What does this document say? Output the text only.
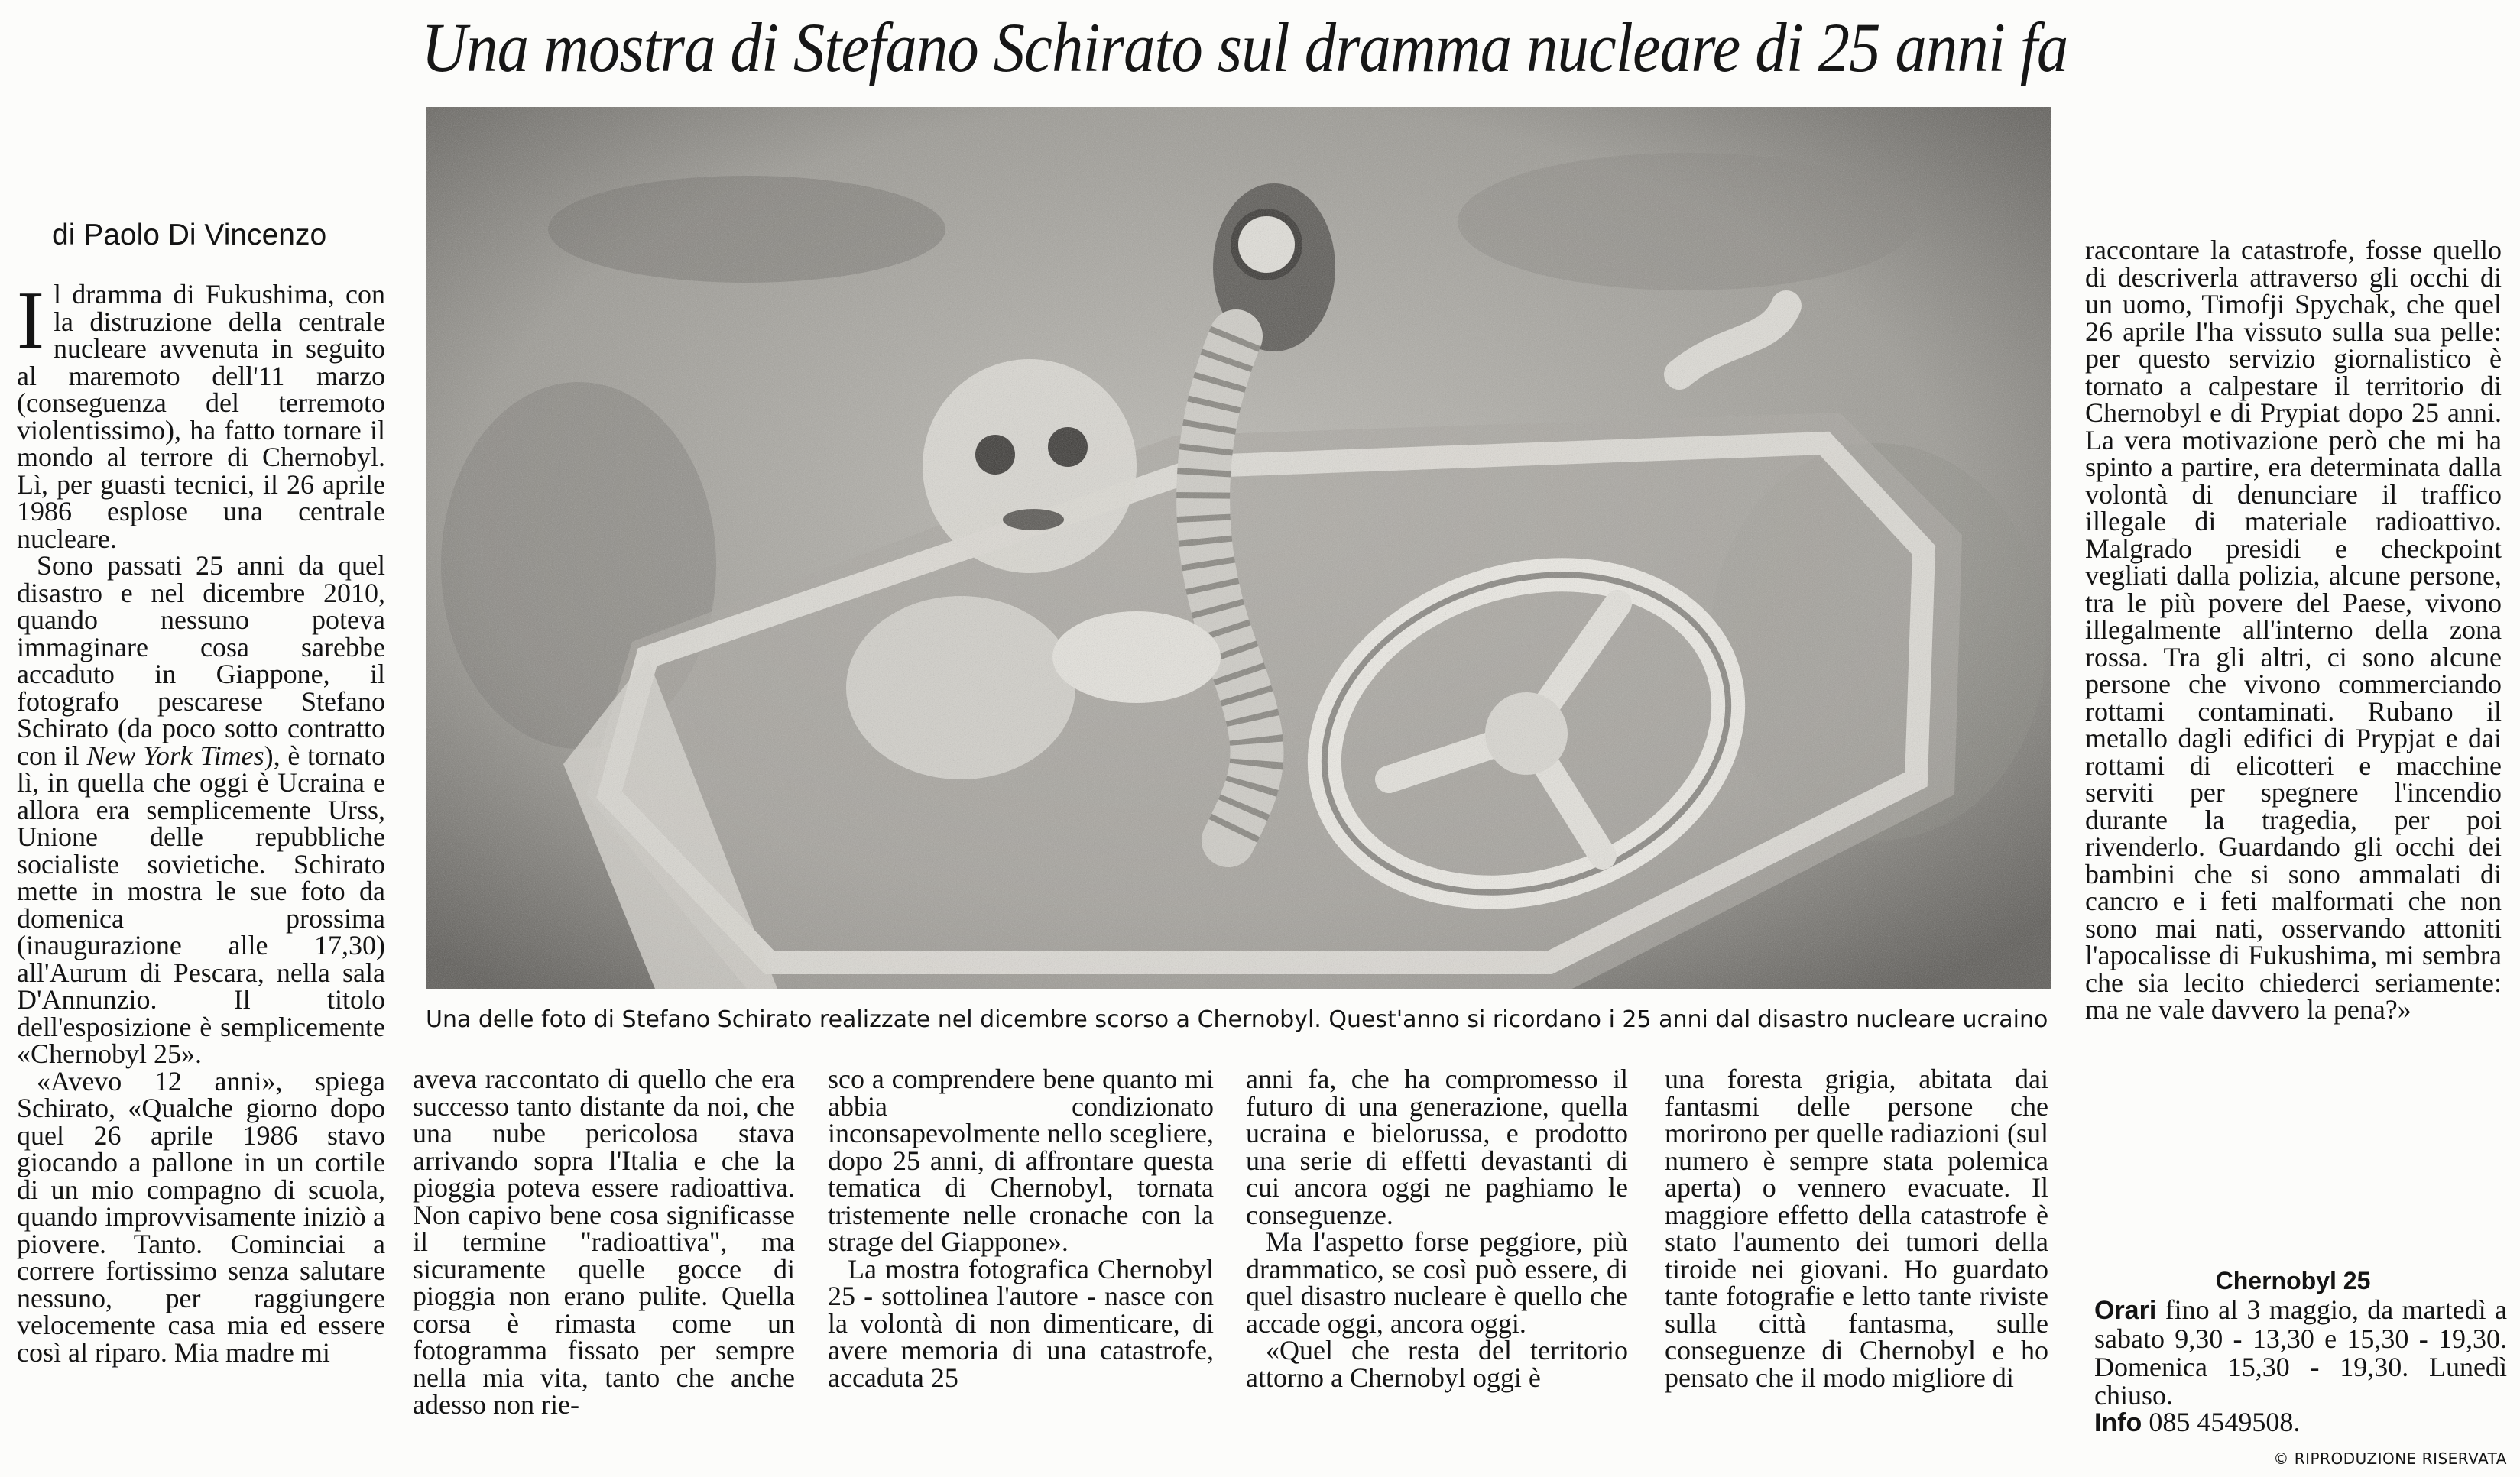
Una mostra di Stefano Schirato sul dramma nucleare di 25 anni fa

Una delle foto di Stefano Schirato realizzate nel dicembre scorso a Chernobyl. Quest'anno si ricordano i 25 anni dal disastro nucleare ucraino

di Paolo Di Vincenzo

Il dramma di Fukushima, con la distruzione della centrale nucleare avvenuta in seguito al maremoto dell'11 marzo (conseguenza del terremoto violentissimo), ha fatto tornare il mondo al terrore di Chernobyl. Lì, per guasti tecnici, il 26 aprile 1986 esplose una centrale nucleare.

Sono passati 25 anni da quel disastro e nel dicembre 2010, quando nessuno poteva immaginare cosa sarebbe accaduto in Giappone, il fotografo pescarese Stefano Schirato (da poco sotto contratto con il New York Times), è tornato lì, in quella che oggi è Ucraina e allora era semplicemente Urss, Unione delle repubbliche socialiste sovietiche. Schirato mette in mostra le sue foto da domenica prossima (inaugurazione alle 17,30) all'Aurum di Pescara, nella sala D'Annunzio. Il titolo dell'esposizione è semplicemente «Chernobyl 25».

«Avevo 12 anni», spiega Schirato, «Qualche giorno dopo quel 26 aprile 1986 stavo giocando a pallone in un cortile di un mio compagno di scuola, quando improvvisamente iniziò a piovere. Tanto. Cominciai a correre fortissimo senza salutare nessuno, per raggiungere velocemente casa mia ed essere così al riparo. Mia madre mi

aveva raccontato di quello che era successo tanto distante da noi, che una nube pericolosa stava arrivando sopra l'Italia e che la pioggia poteva essere radioattiva. Non capivo bene cosa significasse il termine "radioattiva", ma sicuramente quelle gocce di pioggia non erano pulite. Quella corsa è rimasta come un fotogramma fissato per sempre nella mia vita, tanto che anche adesso non rie-

sco a comprendere bene quanto mi abbia condizionato inconsapevolmente nello scegliere, dopo 25 anni, di affrontare questa tematica di Chernobyl, tornata tristemente nelle cronache con la strage del Giappone».

La mostra fotografica Chernobyl 25 - sottolinea l'autore - nasce con la volontà di non dimenticare, di avere memoria di una catastrofe, accaduta 25

anni fa, che ha compromesso il futuro di una generazione, quella ucraina e bielorussa, e prodotto una serie di effetti devastanti di cui ancora oggi ne paghiamo le conseguenze.

Ma l'aspetto forse peggiore, più drammatico, se così può essere, di quel disastro nucleare è quello che accade oggi, ancora oggi.

«Quel che resta del territorio attorno a Chernobyl oggi è

una foresta grigia, abitata dai fantasmi delle persone che morirono per quelle radiazioni (sul numero è sempre stata polemica aperta) o vennero evacuate. Il maggiore effetto della catastrofe è stato l'aumento dei tumori della tiroide nei giovani. Ho guardato tante fotografie e letto tante riviste sulla città fantasma, sulle conseguenze di Chernobyl e ho pensato che il modo migliore di

raccontare la catastrofe, fosse quello di descriverla attraverso gli occhi di un uomo, Timofji Spychak, che quel 26 aprile l'ha vissuto sulla sua pelle: per questo servizio giornalistico è tornato a calpestare il territorio di Chernobyl e di Prypiat dopo 25 anni. La vera motivazione però che mi ha spinto a partire, era determinata dalla volontà di denunciare il traffico illegale di materiale radioattivo. Malgrado presidi e checkpoint vegliati dalla polizia, alcune persone, tra le più povere del Paese, vivono illegalmente all'interno della zona rossa. Tra gli altri, ci sono alcune persone che vivono commerciando rottami contaminati. Rubano il metallo dagli edifici di Prypjat e dai rottami di elicotteri e macchine serviti per spegnere l'incendio durante la tragedia, per poi rivenderlo. Guardando gli occhi dei bambini che si sono ammalati di cancro e i feti malformati che non sono mai nati, osservando attoniti l'apocalisse di Fukushima, mi sembra che sia lecito chiederci seriamente: ma ne vale davvero la pena?»

Chernobyl 25

Orari fino al 3 maggio, da martedì a sabato 9,30 - 13,30 e 15,30 - 19,30. Domenica 15,30 - 19,30. Lunedì chiuso.

Info 085 4549508.

© RIPRODUZIONE RISERVATA
